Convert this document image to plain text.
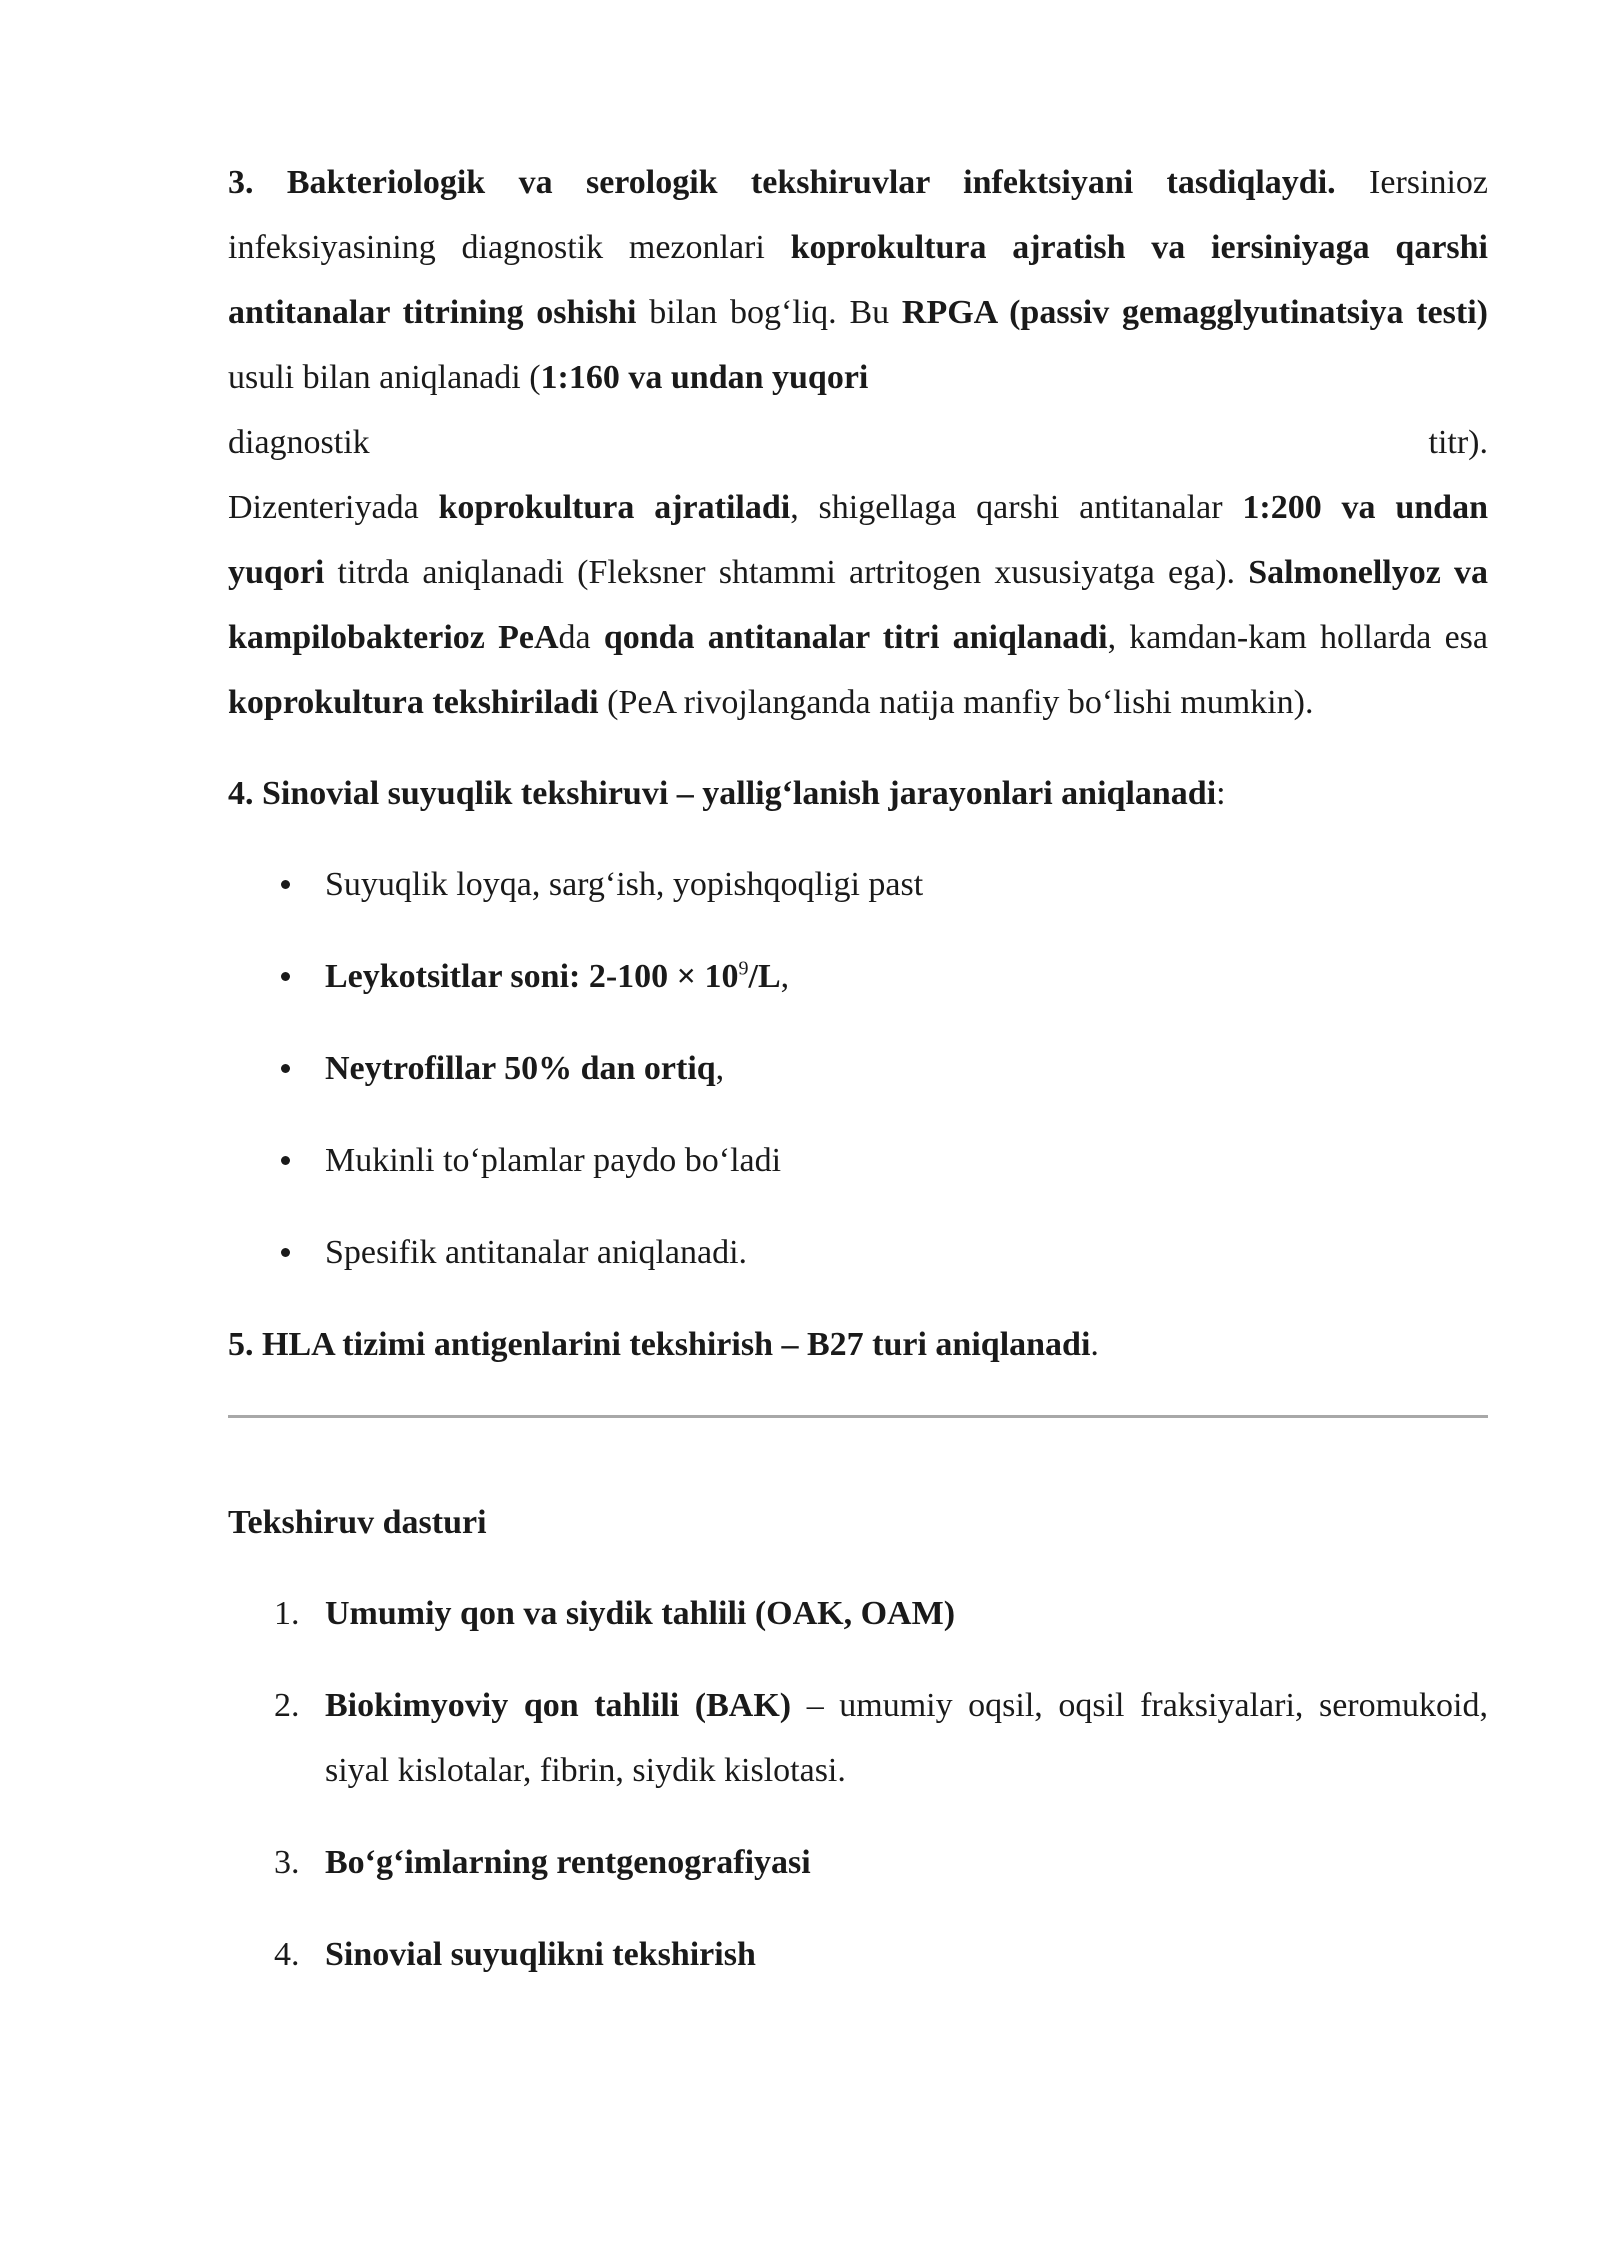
3. Bakteriologik va serologik tekshiruvlar infektsiyani tasdiqlaydi. Iersinioz infeksiyasining diagnostik mezonlari koprokultura ajratish va iersiniyaga qarshi antitanalar titrining oshishi bilan bog‘liq. Bu RPGA (passiv gemagglyutinatsiya testi) usuli bilan aniqlanadi (1:160 va undan yuqori

diagnostik	titr).

Dizenteriyada koprokultura ajratiladi, shigellaga qarshi antitanalar 1:200 va undan yuqori titrda aniqlanadi (Fleksner shtammi artritogen xususiyatga ega). Salmonellyoz va kampilobakterioz PeAda qonda antitanalar titri aniqlanadi, kamdan-kam hollarda esa koprokultura tekshiriladi (PeA rivojlanganda natija manfiy bo‘lishi mumkin).

4. Sinovial suyuqlik tekshiruvi – yallig‘lanish jarayonlari aniqlanadi:

Suyuqlik loyqa, sarg‘ish, yopishqoqligi past
Leykotsitlar soni: $2-100 \times 10^9/L$,
Neytrofillar 50% dan ortiq,
Mukinli to‘plamlar paydo bo‘ladi
Spesifik antitanalar aniqlanadi.

5. HLA tizimi antigenlarini tekshirish – B27 turi aniqlanadi.

Tekshiruv dasturi

1. Umumiy qon va siydik tahlili (OAK, OAM)
2. Biokimyoviy qon tahlili (BAK) – umumiy oqsil, oqsil fraksiyalari, seromukoid, siyal kislotalar, fibrin, siydik kislotasi.
3. Bo‘g‘imlarning rentgenografiyasi
4. Sinovial suyuqlikni tekshirish
